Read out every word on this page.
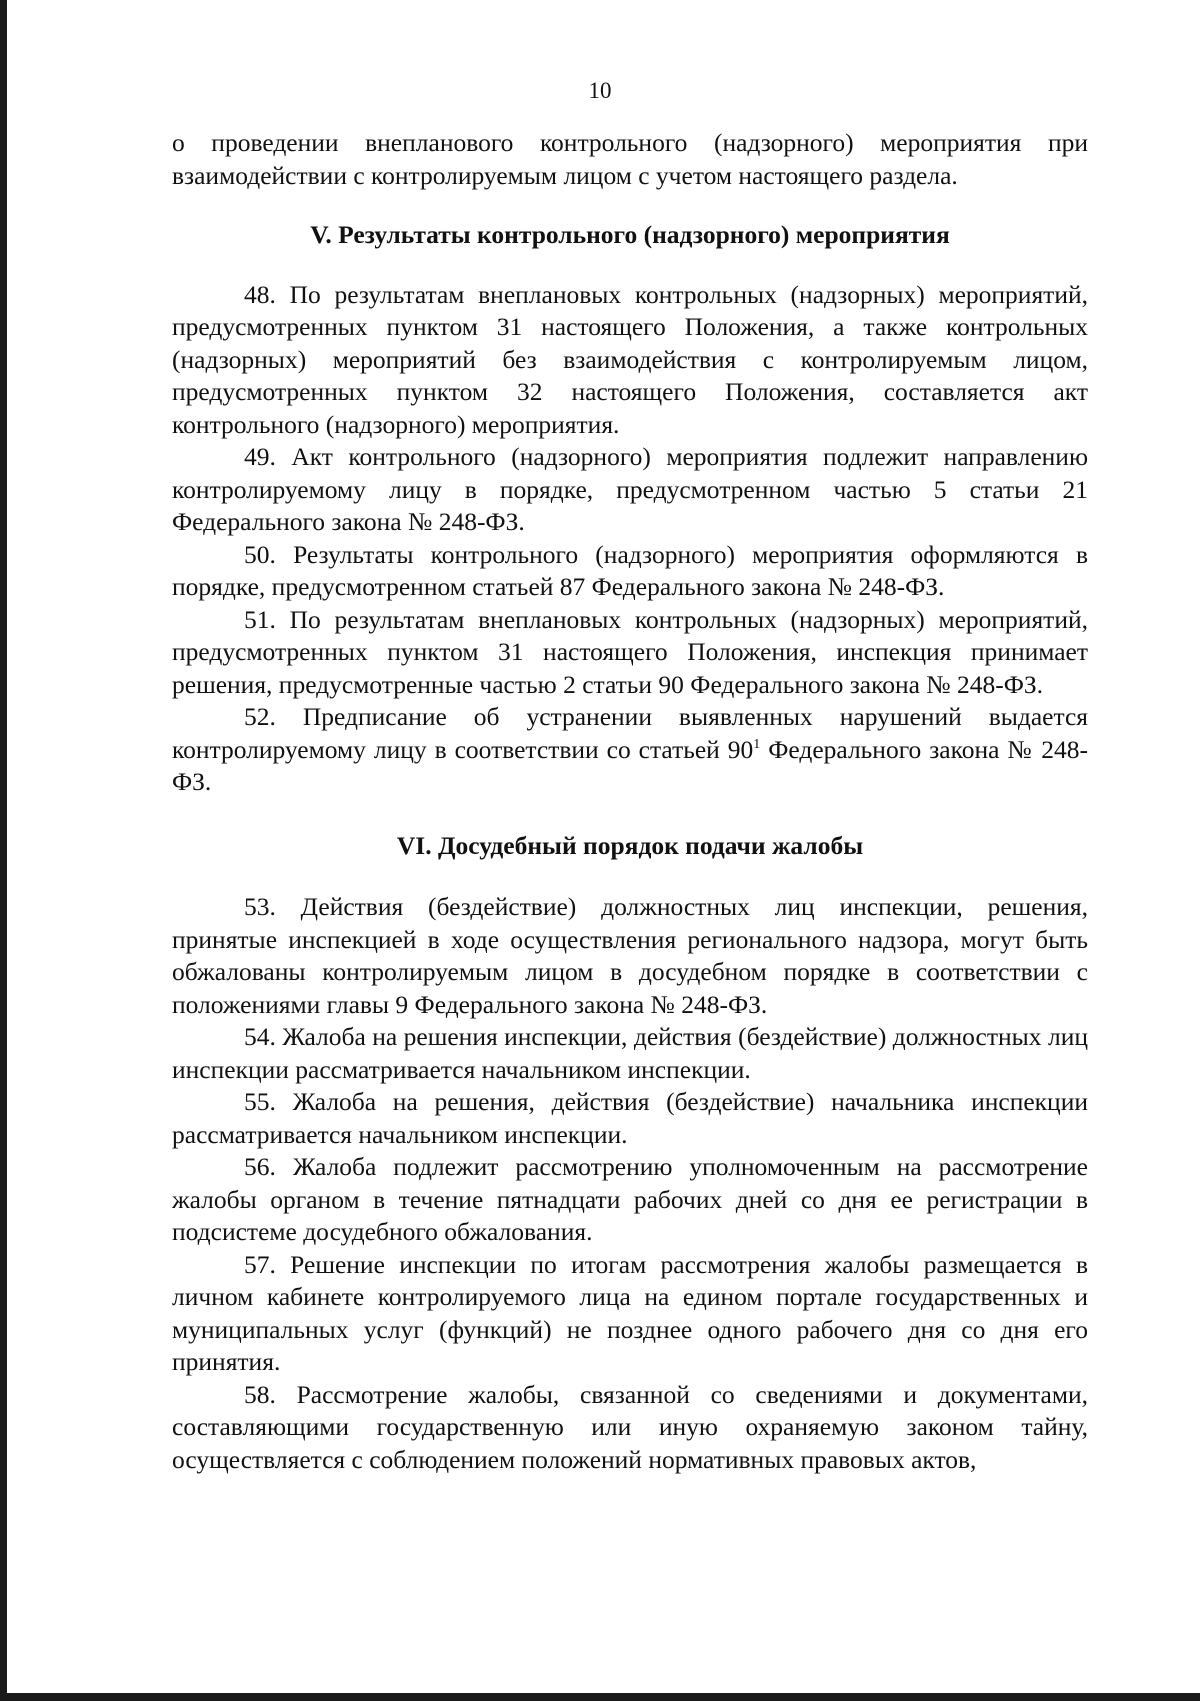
10

о проведении внепланового контрольного (надзорного) мероприятия при взаимодействии с контролируемым лицом с учетом настоящего раздела.

V. Результаты контрольного (надзорного) мероприятия

48. По результатам внеплановых контрольных (надзорных) мероприятий, предусмотренных пунктом 31 настоящего Положения, а также контрольных (надзорных) мероприятий без взаимодействия с контролируемым лицом, предусмотренных пунктом 32 настоящего Положения, составляется акт контрольного (надзорного) мероприятия.

49. Акт контрольного (надзорного) мероприятия подлежит направлению контролируемому лицу в порядке, предусмотренном частью 5 статьи 21 Федерального закона № 248-ФЗ.

50. Результаты контрольного (надзорного) мероприятия оформляются в порядке, предусмотренном статьей 87 Федерального закона № 248-ФЗ.

51. По результатам внеплановых контрольных (надзорных) мероприятий, предусмотренных пунктом 31 настоящего Положения, инспекция принимает решения, предусмотренные частью 2 статьи 90 Федерального закона № 248-ФЗ.

52. Предписание об устранении выявленных нарушений выдается контролируемому лицу в соответствии со статьей $90^1$ Федерального закона № 248-ФЗ.

VI. Досудебный порядок подачи жалобы

53. Действия (бездействие) должностных лиц инспекции, решения, принятые инспекцией в ходе осуществления регионального надзора, могут быть обжалованы контролируемым лицом в досудебном порядке в соответствии с положениями главы 9 Федерального закона № 248-ФЗ.

54. Жалоба на решения инспекции, действия (бездействие) должностных лиц инспекции рассматривается начальником инспекции.

55. Жалоба на решения, действия (бездействие) начальника инспекции рассматривается начальником инспекции.

56. Жалоба подлежит рассмотрению уполномоченным на рассмотрение жалобы органом в течение пятнадцати рабочих дней со дня ее регистрации в подсистеме досудебного обжалования.

57. Решение инспекции по итогам рассмотрения жалобы размещается в личном кабинете контролируемого лица на едином портале государственных и муниципальных услуг (функций) не позднее одного рабочего дня со дня его принятия.

58. Рассмотрение жалобы, связанной со сведениями и документами, составляющими государственную или иную охраняемую законом тайну, осуществляется с соблюдением положений нормативных правовых актов,
